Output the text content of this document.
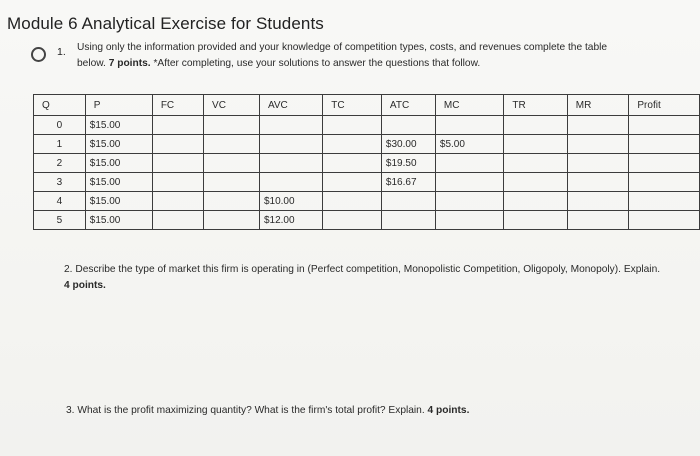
Module 6 Analytical Exercise for Students
1. Using only the information provided and your knowledge of competition types, costs, and revenues complete the table below. 7 points. *After completing, use your solutions to answer the questions that follow.
Q	P	FC	VC	AVC	TC	ATC	MC	TR	MR	Profit
0	$15.00									
1	$15.00					$30.00	$5.00			
2	$15.00					$19.50				
3	$15.00					$16.67				
4	$15.00			$10.00						
5	$15.00			$12.00						
2. Describe the type of market this firm is operating in (Perfect competition, Monopolistic Competition, Oligopoly, Monopoly). Explain. 4 points.
3. What is the profit maximizing quantity? What is the firm's total profit? Explain. 4 points.
